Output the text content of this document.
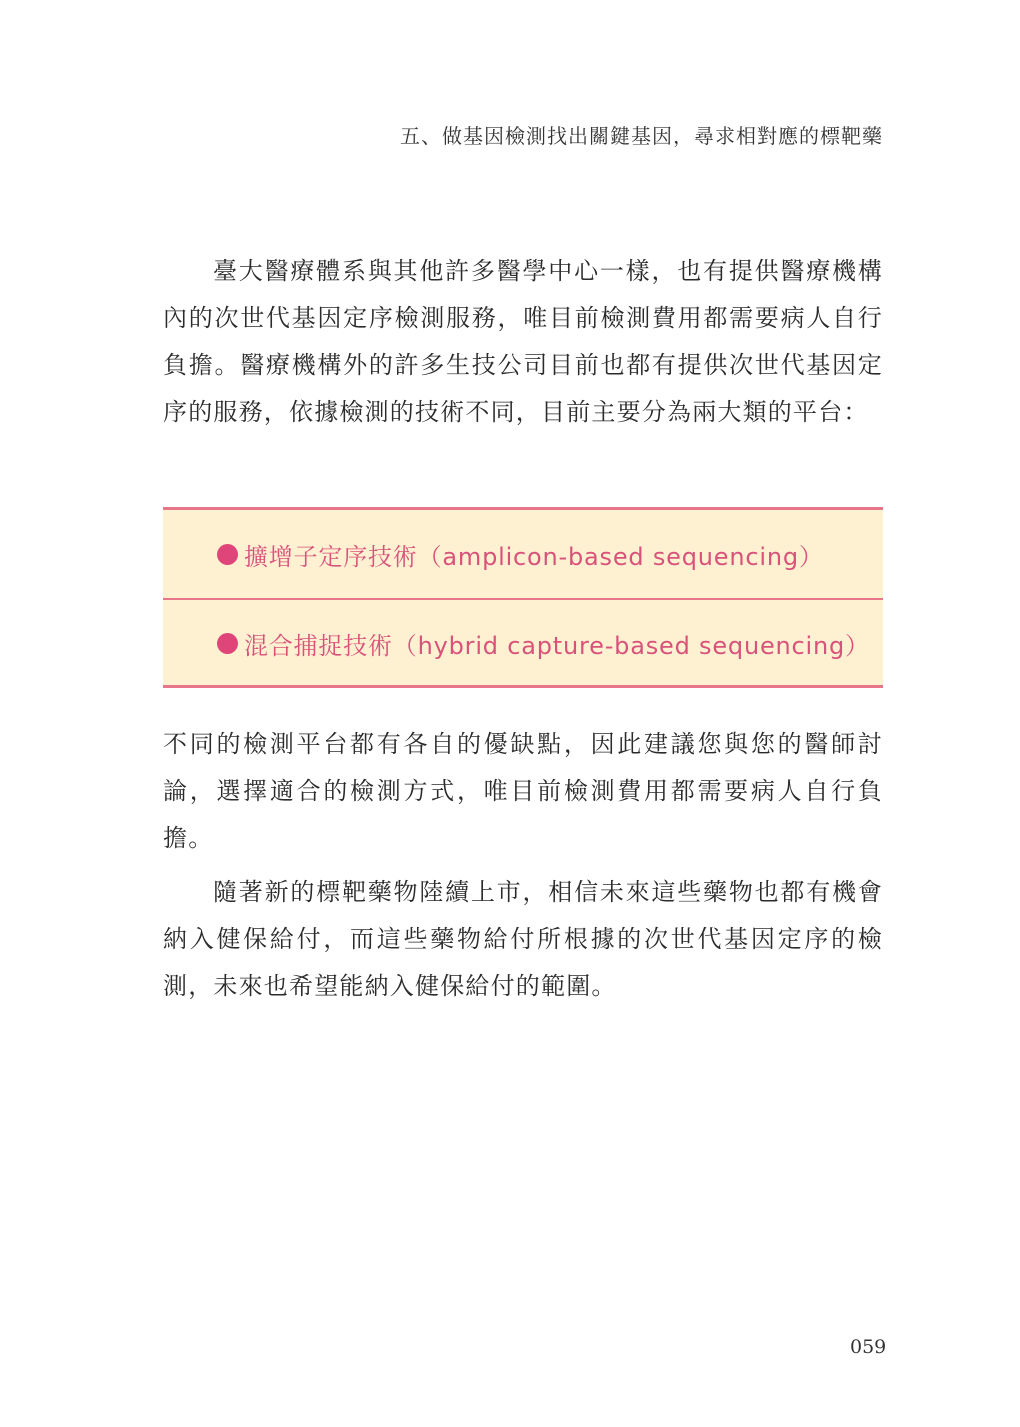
五、做基因檢測找出關鍵基因，尋求相對應的標靶藥

臺大醫療體系與其他許多醫學中心一樣，也有提供醫療機構內的次世代基因定序檢測服務，唯目前檢測費用都需要病人自行負擔。醫療機構外的許多生技公司目前也都有提供次世代基因定序的服務，依據檢測的技術不同，目前主要分為兩大類的平台：

擴增子定序技術（amplicon-based sequencing）
混合捕捉技術（hybrid capture-based sequencing）

不同的檢測平台都有各自的優缺點，因此建議您與您的醫師討論，選擇適合的檢測方式，唯目前檢測費用都需要病人自行負擔。

隨著新的標靶藥物陸續上市，相信未來這些藥物也都有機會納入健保給付，而這些藥物給付所根據的次世代基因定序的檢測，未來也希望能納入健保給付的範圍。

059
